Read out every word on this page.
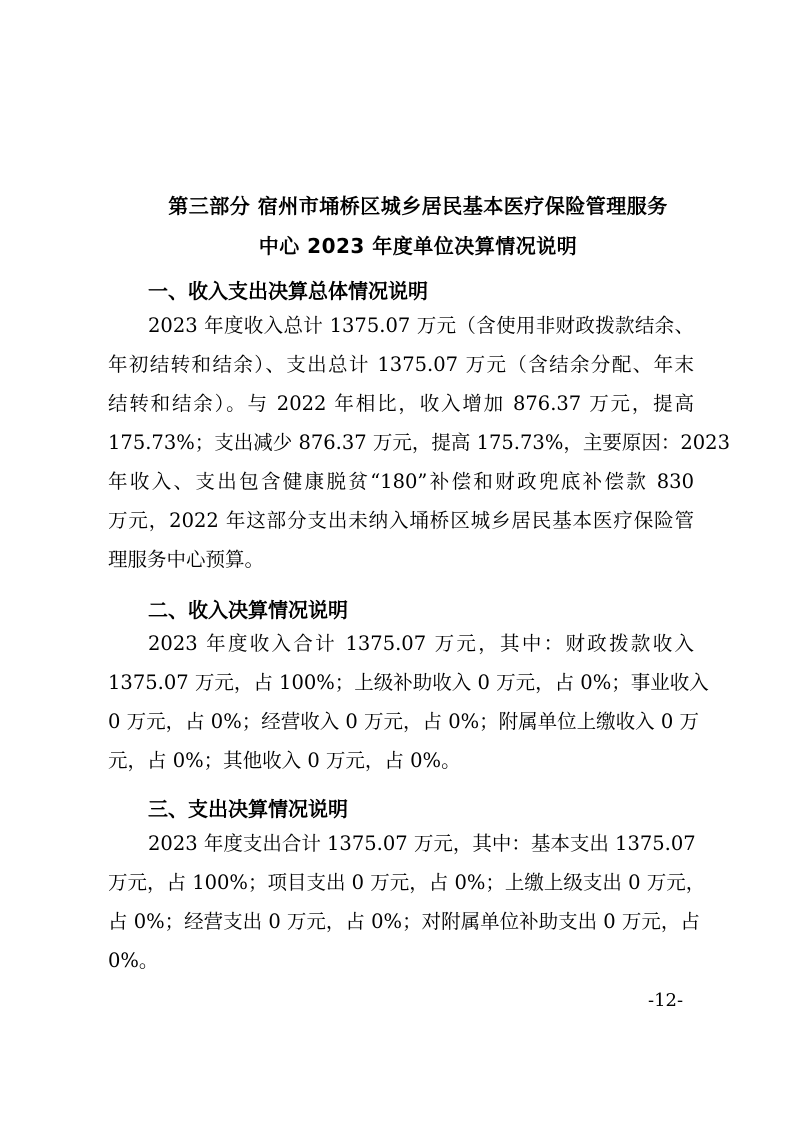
第三部分 宿州市埇桥区城乡居民基本医疗保险管理服务
中心 2023 年度单位决算情况说明
一、收入支出决算总体情况说明
2023 年度收入总计 1375.07 万元（含使用非财政拨款结余、
年初结转和结余）、支出总计 1375.07 万元（含结余分配、年末
结转和结余）。与 2022 年相比，收入增加 876.37 万元，提高
175.73%；支出减少 876.37 万元，提高 175.73%，主要原因：2023
年收入、支出包含健康脱贫“180”补偿和财政兜底补偿款 830
万元，2022 年这部分支出未纳入埇桥区城乡居民基本医疗保险管
理服务中心预算。
二、收入决算情况说明
2023 年度收入合计 1375.07 万元，其中：财政拨款收入
1375.07 万元，占 100%；上级补助收入 0 万元，占 0%；事业收入
0 万元，占 0%；经营收入 0 万元，占 0%；附属单位上缴收入 0 万
元，占 0%；其他收入 0 万元，占 0%。
三、支出决算情况说明
2023 年度支出合计 1375.07 万元，其中：基本支出 1375.07
万元，占 100%；项目支出 0 万元，占 0%；上缴上级支出 0 万元，
占 0%；经营支出 0 万元，占 0%；对附属单位补助支出 0 万元，占
0%。
-12-
